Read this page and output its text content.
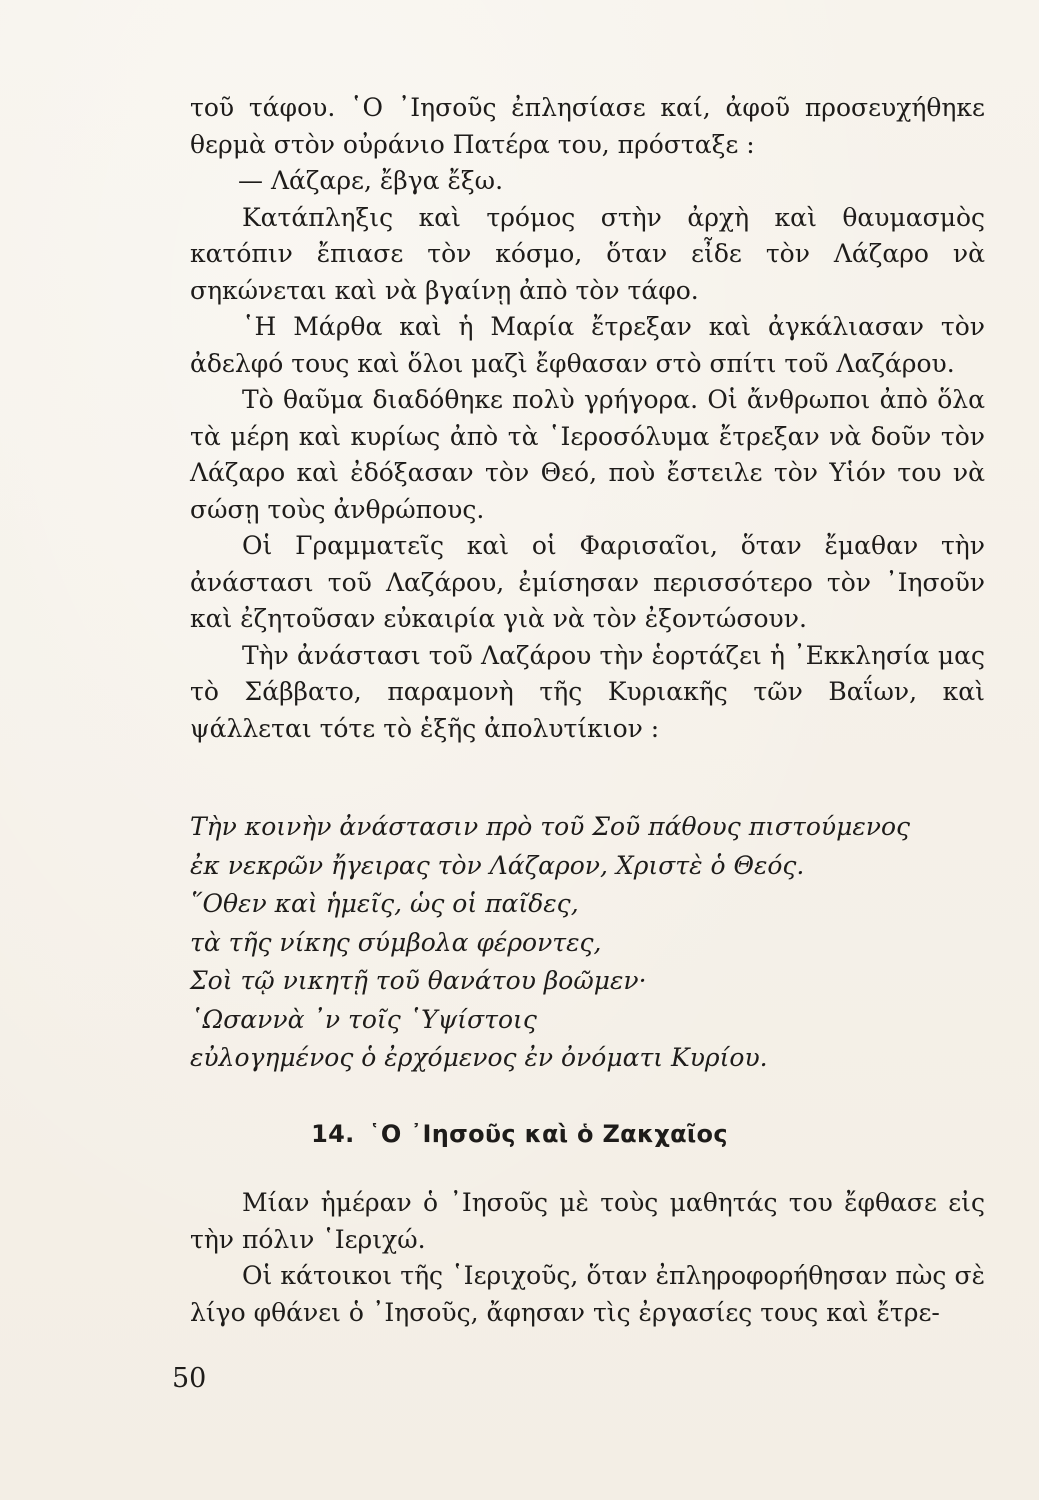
τοῦ τάφου. ῾Ο ᾿Ιησοῦς ἐπλησίασε καί, ἀφοῦ προσευχήθηκε θερμὰ στὸν οὐράνιο Πατέρα του, πρόσταξε :

— Λάζαρε, ἔβγα ἔξω.

Κατάπληξις καὶ τρόμος στὴν ἀρχὴ καὶ θαυμασμὸς κατόπιν ἔπιασε τὸν κόσμο, ὅταν εἶδε τὸν Λάζαρο νὰ σηκώνεται καὶ νὰ βγαίνῃ ἀπὸ τὸν τάφο.

῾Η Μάρθα καὶ ἡ Μαρία ἔτρεξαν καὶ ἀγκάλιασαν τὸν ἀδελφό τους καὶ ὅλοι μαζὶ ἔφθασαν στὸ σπίτι τοῦ Λαζάρου.

Τὸ θαῦμα διαδόθηκε πολὺ γρήγορα. Οἱ ἄνθρωποι ἀπὸ ὅλα τὰ μέρη καὶ κυρίως ἀπὸ τὰ ῾Ιεροσόλυμα ἔτρεξαν νὰ δοῦν τὸν Λάζαρο καὶ ἐδόξασαν τὸν Θεό, ποὺ ἔστειλε τὸν Υἱόν του νὰ σώσῃ τοὺς ἀνθρώπους.

Οἱ Γραμματεῖς καὶ οἱ Φαρισαῖοι, ὅταν ἔμαθαν τὴν ἀνάστασι τοῦ Λαζάρου, ἐμίσησαν περισσότερο τὸν ᾿Ιησοῦν καὶ ἐζητοῦσαν εὐκαιρία γιὰ νὰ τὸν ἐξοντώσουν.

Τὴν ἀνάστασι τοῦ Λαζάρου τὴν ἑορτάζει ἡ ᾿Εκκλησία μας τὸ Σάββατο, παραμονὴ τῆς Κυριακῆς τῶν Βαΐων, καὶ ψάλλεται τότε τὸ ἑξῆς ἀπολυτίκιον :

Τὴν κοινὴν ἀνάστασιν πρὸ τοῦ Σοῦ πάθους πιστούμενος

ἐκ νεκρῶν ἤγειρας τὸν Λάζαρον, Χριστὲ ὁ Θεός.

῞Οθεν καὶ ἡμεῖς, ὡς οἱ παῖδες,

τὰ τῆς νίκης σύμβολα φέροντες,

Σοὶ τῷ νικητῇ τοῦ θανάτου βοῶμεν·

῾Ωσαννὰ ᾿ν τοῖς ῾Υψίστοις

εὐλογημένος ὁ ἐρχόμενος ἐν ὀνόματι Κυρίου.

14. ῾Ο ᾿Ιησοῦς καὶ ὁ Ζακχαῖος

Μίαν ἡμέραν ὁ ᾿Ιησοῦς μὲ τοὺς μαθητάς του ἔφθασε εἰς τὴν πόλιν ῾Ιεριχώ.

Οἱ κάτοικοι τῆς ῾Ιεριχοῦς, ὅταν ἐπληροφορήθησαν πὼς σὲ λίγο φθάνει ὁ ᾿Ιησοῦς, ἄφησαν τὶς ἐργασίες τους καὶ ἔτρε-

50
